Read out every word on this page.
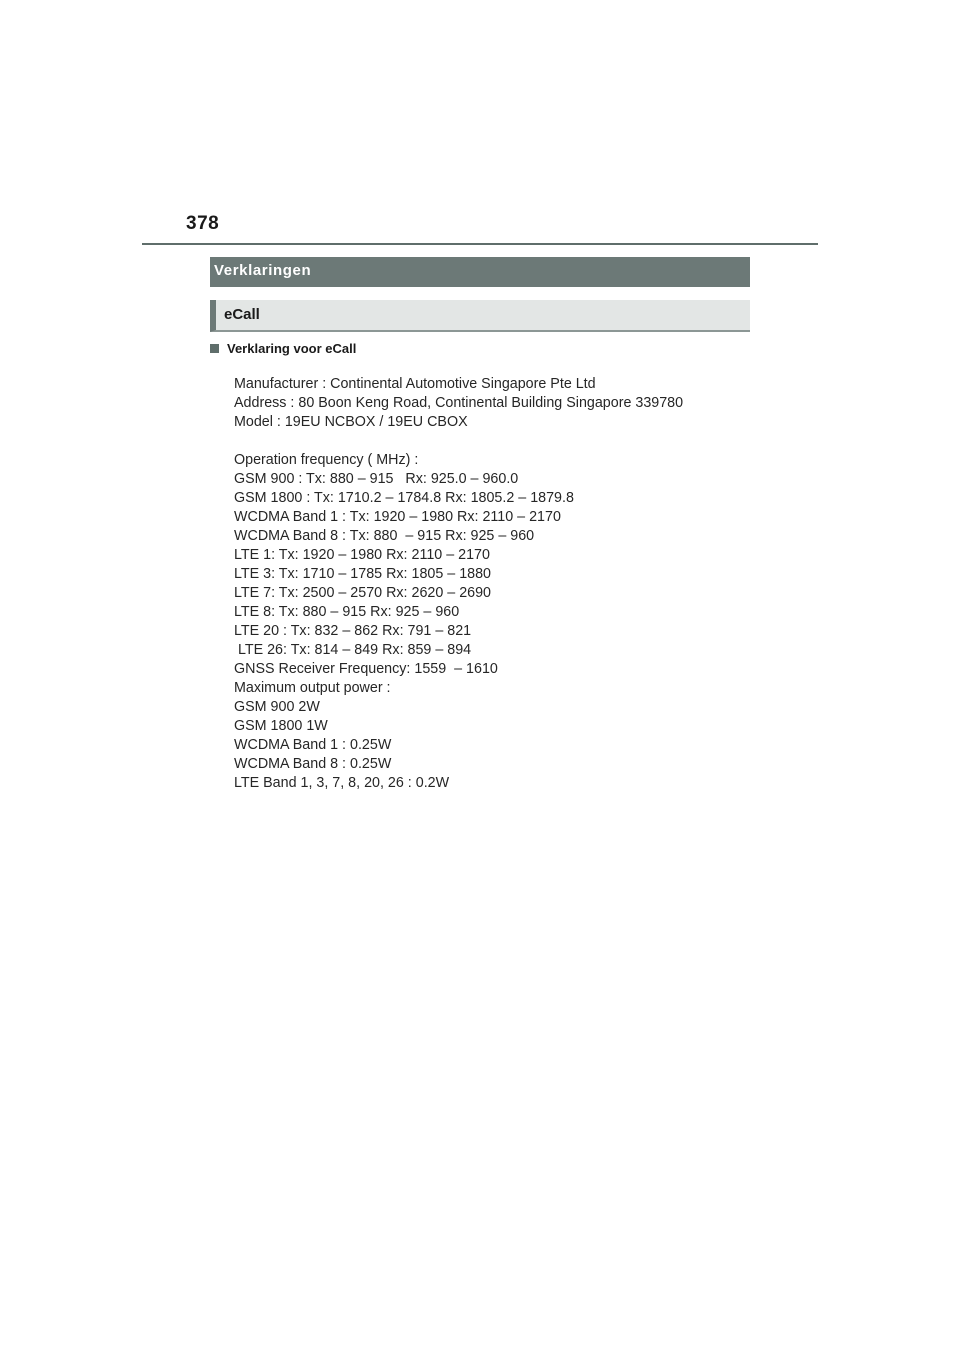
378
Verklaringen
eCall
Verklaring voor eCall
Manufacturer : Continental Automotive Singapore Pte Ltd
Address : 80 Boon Keng Road, Continental Building Singapore 339780
Model : 19EU NCBOX / 19EU CBOX
Operation frequency ( MHz) :
GSM 900 : Tx: 880 – 915   Rx: 925.0 – 960.0
GSM 1800 : Tx: 1710.2 – 1784.8 Rx: 1805.2 – 1879.8
WCDMA Band 1 : Tx: 1920 – 1980 Rx: 2110 – 2170
WCDMA Band 8 : Tx: 880  – 915 Rx: 925 – 960
LTE 1: Tx: 1920 – 1980 Rx: 2110 – 2170
LTE 3: Tx: 1710 – 1785 Rx: 1805 – 1880
LTE 7: Tx: 2500 – 2570 Rx: 2620 – 2690
LTE 8: Tx: 880 – 915 Rx: 925 – 960
LTE 20 : Tx: 832 – 862 Rx: 791 – 821
LTE 26: Tx: 814 – 849 Rx: 859 – 894
GNSS Receiver Frequency: 1559  – 1610
Maximum output power :
GSM 900 2W
GSM 1800 1W
WCDMA Band 1 : 0.25W
WCDMA Band 8 : 0.25W
LTE Band 1, 3, 7, 8, 20, 26 : 0.2W
